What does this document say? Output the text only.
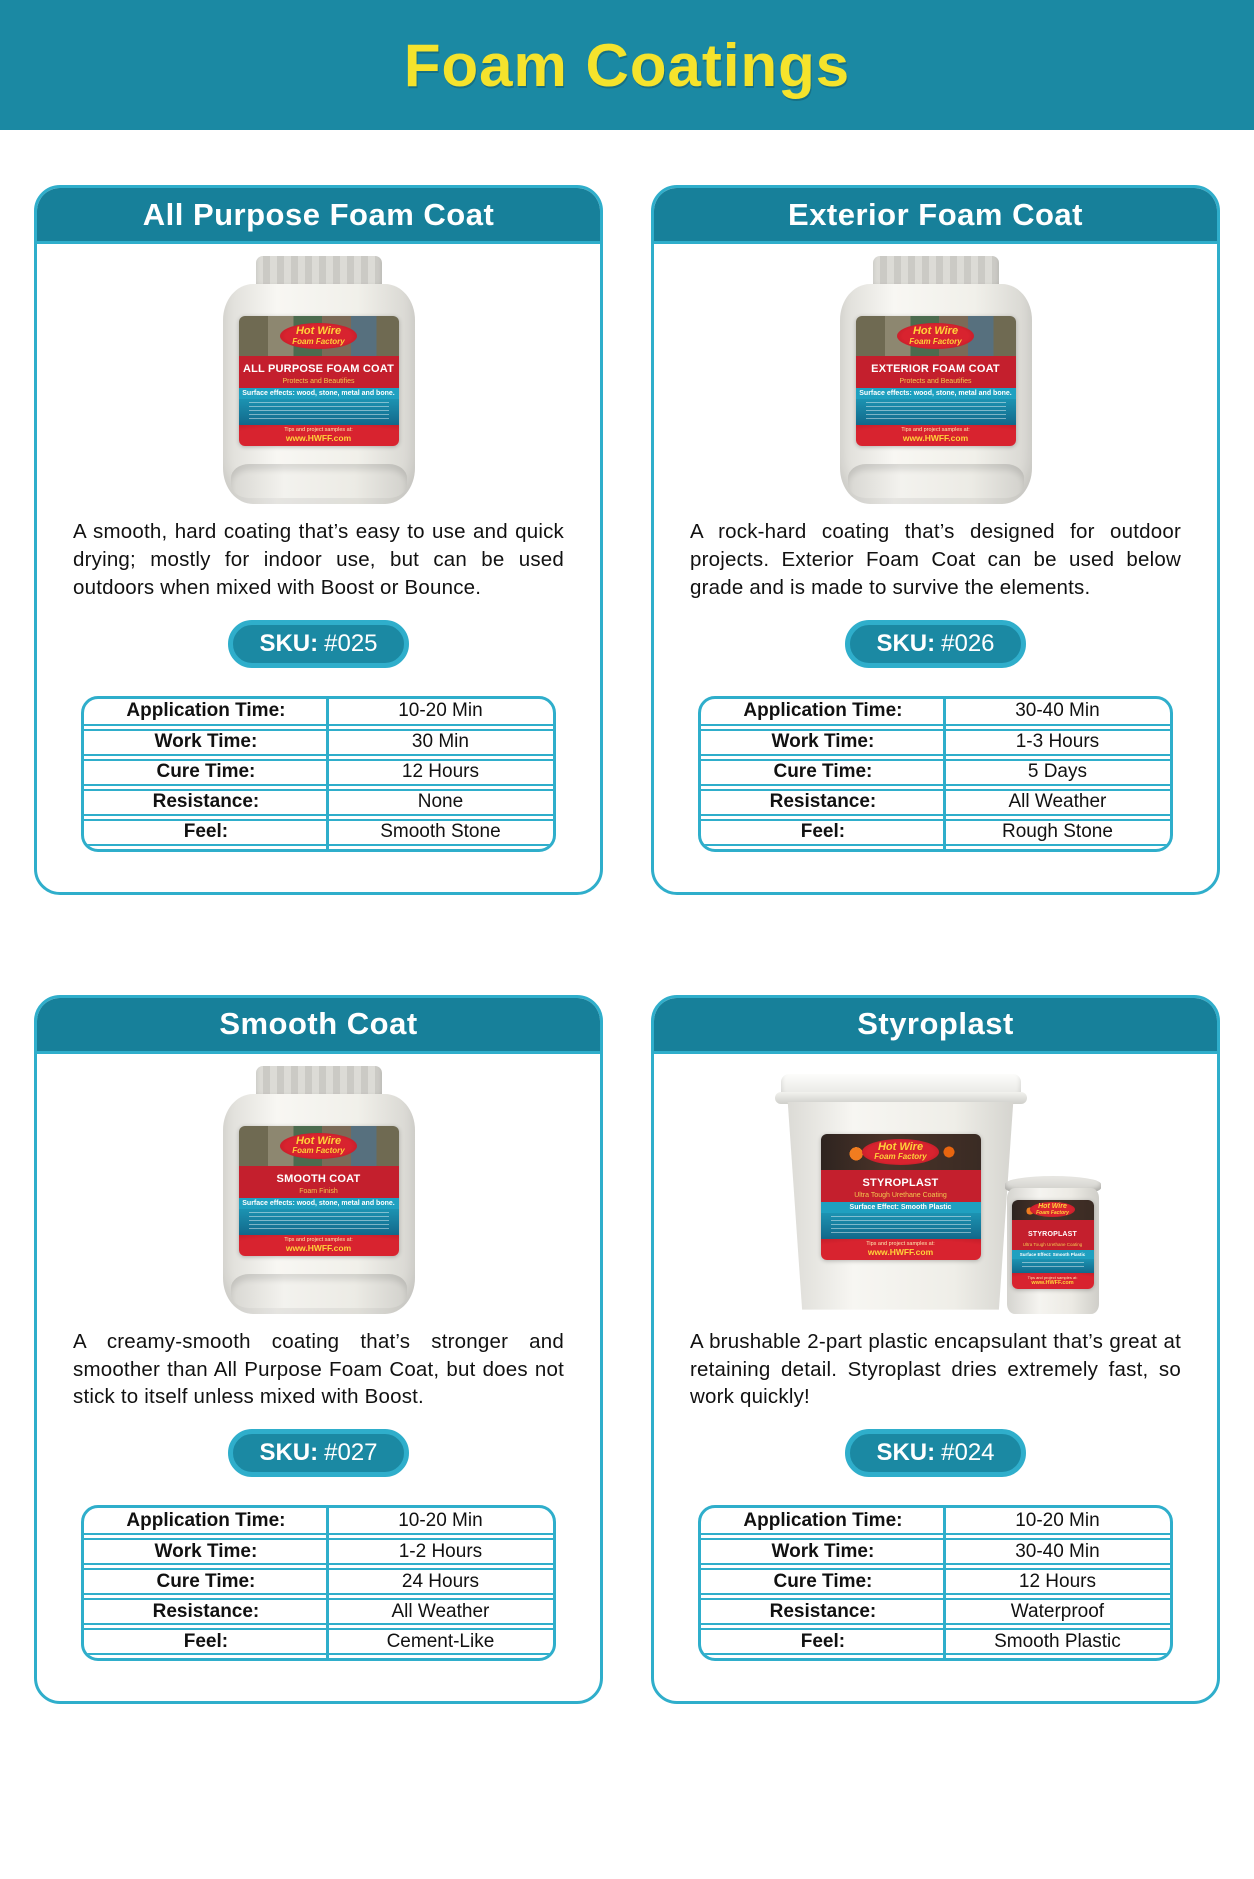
Foam Coatings
All Purpose Foam Coat
Hot Wire
Foam Factory
ALL PURPOSE FOAM COAT
Protects and Beautifies
Surface effects: wood, stone, metal and bone.
Tips and project samples at:
www.HWFF.com

A smooth, hard coating that’s easy to use and quick drying; mostly for indoor use, but can be used outdoors when mixed with Boost or Bounce.

SKU: #025
Application Time:	10-20 Min
Work Time:	30 Min
Cure Time:	12 Hours
Resistance:	None
Feel:	Smooth Stone
Exterior Foam Coat
Hot Wire
Foam Factory
EXTERIOR FOAM COAT
Protects and Beautifies
Surface effects: wood, stone, metal and bone.
Tips and project samples at:
www.HWFF.com

A rock-hard coating that’s designed for outdoor projects. Exterior Foam Coat can be used below grade and is made to survive the elements.

SKU: #026
Application Time:	30-40 Min
Work Time:	1-3 Hours
Cure Time:	5 Days
Resistance:	All Weather
Feel:	Rough Stone
Smooth Coat
Hot Wire
Foam Factory
SMOOTH COAT
Foam Finish
Surface effects: wood, stone, metal and bone.
Tips and project samples at:
www.HWFF.com

A creamy-smooth coating that’s stronger and smoother than All Purpose Foam Coat, but does not stick to itself unless mixed with Boost.

SKU: #027
Application Time:	10-20 Min
Work Time:	1-2 Hours
Cure Time:	24 Hours
Resistance:	All Weather
Feel:	Cement-Like
Styroplast
Hot Wire
Foam Factory
STYROPLAST
Ultra Tough Urethane Coating
Surface Effect: Smooth Plastic
Tips and project samples at:
www.HWFF.com
Hot Wire
Foam Factory
STYROPLAST
Ultra Tough Urethane Coating
Surface Effect: Smooth Plastic
Tips and project samples at:
www.HWFF.com

A brushable 2-part plastic encapsulant that’s great at retaining detail. Styroplast dries extremely fast, so work quickly!

SKU: #024
Application Time:	10-20 Min
Work Time:	30-40 Min
Cure Time:	12 Hours
Resistance:	Waterproof
Feel:	Smooth Plastic
